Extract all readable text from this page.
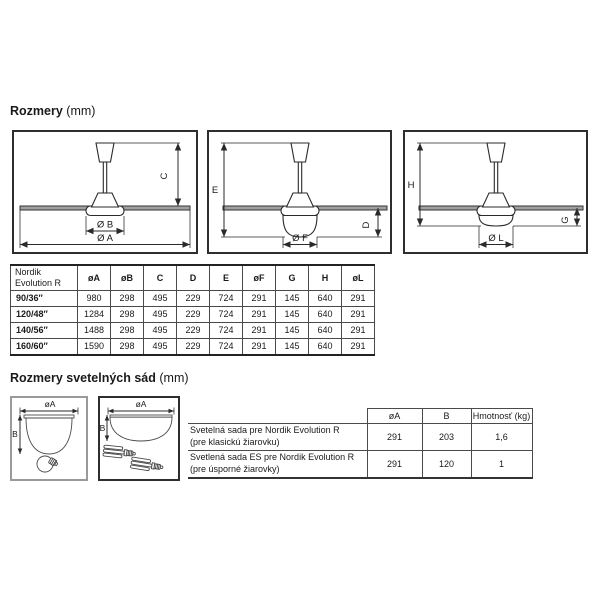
Rozmery (mm)
C
Ø B
Ø A
E
D
Ø F
H
G
Ø L
Nordik
Evolution R	øA	øB	C	D	E	øF	G	H	øL
90/36″	980	298	495	229	724	291	145	640	291
120/48″	1284	298	495	229	724	291	145	640	291
140/56″	1488	298	495	229	724	291	145	640	291
160/60″	1590	298	495	229	724	291	145	640	291
Rozmery svetelných sád (mm)
øA
B
øA
B
	øA	B	Hmotnosť (kg)

Svetelná sada pre Nordik Evolution R
(pre klasickú žiarovku)	291	203	1,6

Svetlená sada ES pre Nordik Evolution R
(pre úsporné žiarovky)	291	120	1
